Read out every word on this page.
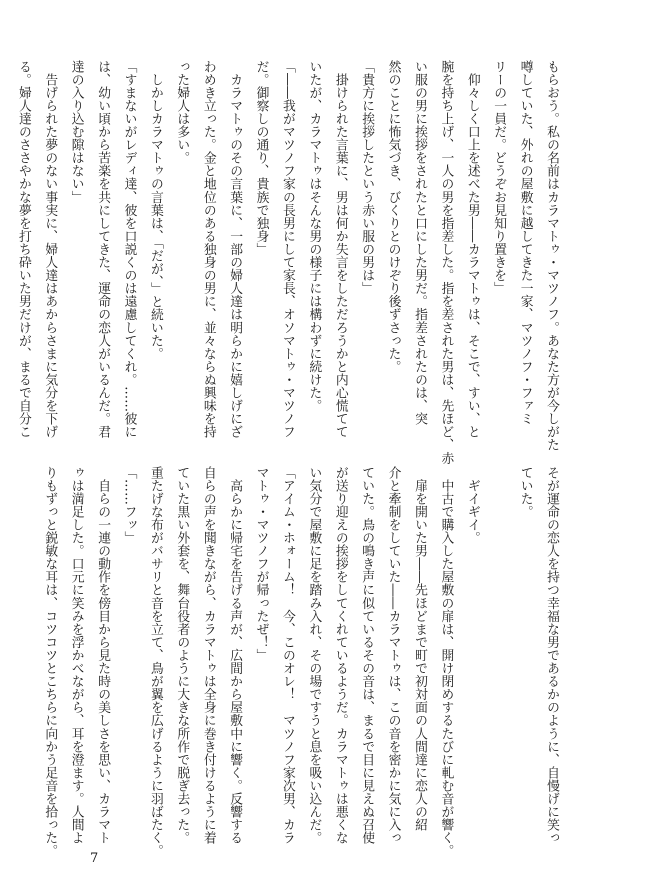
もらおう。私の名前はカラマトゥ・マツノフ。あなた方が今しがた
噂していた、外れの屋敷に越してきた一家、マツノフ・ファミ
リーの一員だ。どうぞお見知り置きを」
　仰々しく口上を述べた男――カラマトゥは、そこで、すい、と
腕を持ち上げ、一人の男を指差した。指を差された男は、先ほど、赤
い服の男に挨拶をされたと口にした男だ。指差されたのは、突
然のことに怖気づき、びくりとのけぞり後ずさった。
「貴方に挨拶したという赤い服の男は」
　掛けられた言葉に、男は何か失言をしただろうかと内心慌てて
いたが、カラマトゥはそんな男の様子には構わずに続けた。
「――我がマツノフ家の長男にして家長、オソマトゥ・マツノフ
だ。御察しの通り、貴族で独身」
　カラマトゥのその言葉に、一部の婦人達は明らかに嬉しげにざ
わめき立った。金と地位のある独身の男に、並々ならぬ興味を持
った婦人は多い。
　しかしカラマトゥの言葉は、「だが、」と続いた。
「すまないがレディ達、彼を口説くのは遠慮してくれ。……彼に
は、幼い頃から苦楽を共にしてきた、運命の恋人がいるんだ。君
達の入り込む隙はない」
　告げられた夢のない事実に、婦人達はあからさまに気分を下げ
る。婦人達のささやかな夢を打ち砕いた男だけが、まるで自分こ
そが運命の恋人を持つ幸福な男であるかのように、自慢げに笑っ
ていた。

　ギイギイ。
　中古で購入した屋敷の扉は、開け閉めするたびに軋む音が響く。
　扉を開いた男――先ほどまで町で初対面の人間達に恋人の紹
介と牽制をしていた――カラマトゥは、この音を密かに気に入っ
ていた。鳥の鳴き声に似ているその音は、まるで目に見えぬ召使
が送り迎えの挨拶をしてくれているようだ。カラマトゥは悪くな
い気分で屋敷に足を踏み入れ、その場ですうと息を吸い込んだ。
「アイム・ホォーム！　今、このオレ！　マツノフ家次男、カラ
マトゥ・マツノフが帰ったぜ！」
　高らかに帰宅を告げる声が、広間から屋敷中に響く。反響する
自らの声を聞きながら、カラマトゥは全身に巻き付けるように着
ていた黒い外套を、舞台役者のように大きな所作で脱ぎ去った。
重たげな布がバサリと音を立て、鳥が翼を広げるように羽ばたく。
「……フッ」
　自らの一連の動作を傍目から見た時の美しさを思い、カラマト
ゥは満足した。口元に笑みを浮かべながら、耳を澄ます。人間よ
りもずっと鋭敏な耳は、コツコツとこちらに向かう足音を拾った。
7
